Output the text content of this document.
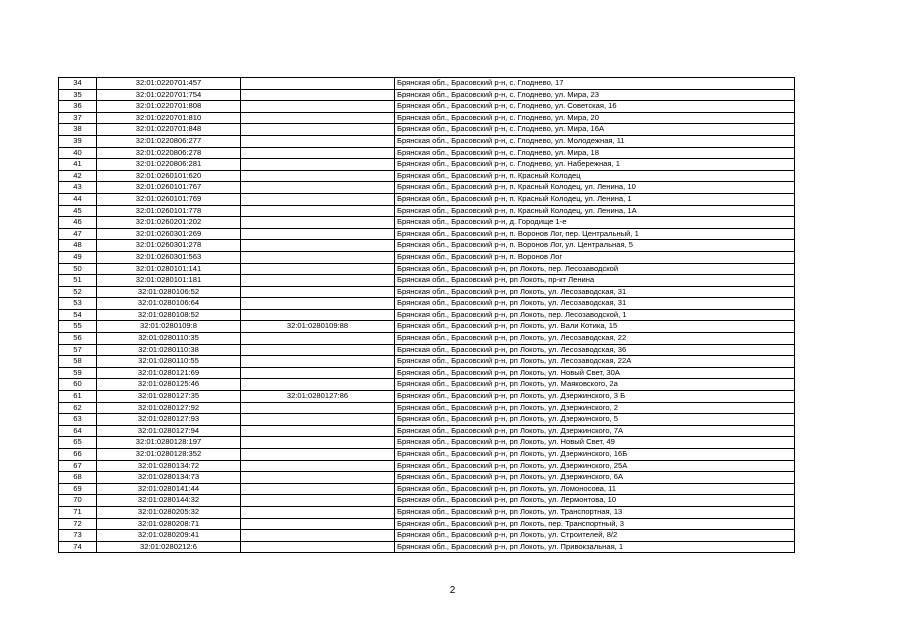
34	32:01:0220701:457		Брянская обл., Брасовский р-н, с. Глоднево, 17
35	32:01:0220701:754		Брянская обл., Брасовский р-н, с. Глоднево, ул. Мира, 23
36	32:01:0220701:808		Брянская обл., Брасовский р-н, с. Глоднево, ул. Советская, 16
37	32:01:0220701:810		Брянская обл., Брасовский р-н, с. Глоднево, ул. Мира, 20
38	32:01:0220701:848		Брянская обл., Брасовский р-н, с. Глоднево, ул. Мира, 16А
39	32:01:0220806:277		Брянская обл., Брасовский р-н, с. Глоднево, ул. Молодежная, 11
40	32:01:0220806:278		Брянская обл., Брасовский р-н, с. Глоднево, ул. Мира, 18
41	32:01:0220806:281		Брянская обл., Брасовский р-н, с. Глоднево, ул. Набережная, 1
42	32:01:0260101:620		Брянская обл., Брасовский р-н, п. Красный Колодец
43	32:01:0260101:767		Брянская обл., Брасовский р-н, п. Красный Колодец, ул. Ленина, 10
44	32:01:0260101:769		Брянская обл., Брасовский р-н, п. Красный Колодец, ул. Ленина, 1
45	32:01:0260101:778		Брянская обл., Брасовский р-н, п. Красный Колодец, ул. Ленина, 1А
46	32:01:0260201:202		Брянская обл., Брасовский р-н, д. Городище 1-е
47	32:01:0260301:269		Брянская обл., Брасовский р-н, п. Воронов Лог, пер. Центральный, 1
48	32:01:0260301:278		Брянская обл., Брасовский р-н, п. Воронов Лог, ул. Центральная, 5
49	32:01:0260301:563		Брянская обл., Брасовский р-н, п. Воронов Лог
50	32:01:0280101:141		Брянская обл., Брасовский р-н, рп Локоть, пер. Лесозаводской
51	32:01:0280101:181		Брянская обл., Брасовский р-н, рп Локоть, пр-кт Ленина
52	32:01:0280106:52		Брянская обл., Брасовский р-н, рп Локоть, ул. Лесозаводская, 31
53	32:01:0280106:64		Брянская обл., Брасовский р-н, рп Локоть, ул. Лесозаводская, 31
54	32:01:0280108:52		Брянская обл., Брасовский р-н, рп Локоть, пер. Лесозаводской, 1
55	32:01:0280109:8	32:01:0280109:88	Брянская обл., Брасовский р-н, рп Локоть, ул. Вали Котика, 15
56	32:01:0280110:35		Брянская обл., Брасовский р-н, рп Локоть, ул. Лесозаводская, 22
57	32:01:0280110:38		Брянская обл., Брасовский р-н, рп Локоть, ул. Лесозаводская, 36
58	32:01:0280110:55		Брянская обл., Брасовский р-н, рп Локоть, ул. Лесозаводская, 22А
59	32:01:0280121:69		Брянская обл., Брасовский р-н, рп Локоть, ул. Новый Свет, 30А
60	32:01:0280125:46		Брянская обл., Брасовский р-н, рп Локоть, ул. Маяковского, 2а
61	32:01:0280127:35	32:01:0280127:86	Брянская обл., Брасовский р-н, рп Локоть, ул. Дзержинского, 3 Б
62	32:01:0280127:92		Брянская обл., Брасовский р-н, рп Локоть, ул. Дзержинского, 2
63	32:01:0280127:93		Брянская обл., Брасовский р-н, рп Локоть, ул. Дзержинского, 5
64	32:01:0280127:94		Брянская обл., Брасовский р-н, рп Локоть, ул. Дзержинского, 7А
65	32:01:0280128:197		Брянская обл., Брасовский р-н, рп Локоть, ул. Новый Свет, 49
66	32:01:0280128:352		Брянская обл., Брасовский р-н, рп Локоть, ул. Дзержинского, 16Б
67	32:01:0280134:72		Брянская обл., Брасовский р-н, рп Локоть, ул. Дзержинского, 25А
68	32:01:0280134:73		Брянская обл., Брасовский р-н, рп Локоть, ул. Дзержинского, 6А
69	32:01:0280141:44		Брянская обл., Брасовский р-н, рп Локоть, ул. Ломоносова, 11
70	32:01:0280144:32		Брянская обл., Брасовский р-н, рп Локоть, ул. Лермонтова, 10
71	32:01:0280205:32		Брянская обл., Брасовский р-н, рп Локоть, ул. Транспортная, 13
72	32:01:0280208:71		Брянская обл., Брасовский р-н, рп Локоть, пер. Транспортный, 3
73	32:01:0280209:41		Брянская обл., Брасовский р-н, рп Локоть, ул. Строителей, 8/2
74	32:01:0280212:6		Брянская обл., Брасовский р-н, рп Локоть, ул. Привокзальная, 1
2
